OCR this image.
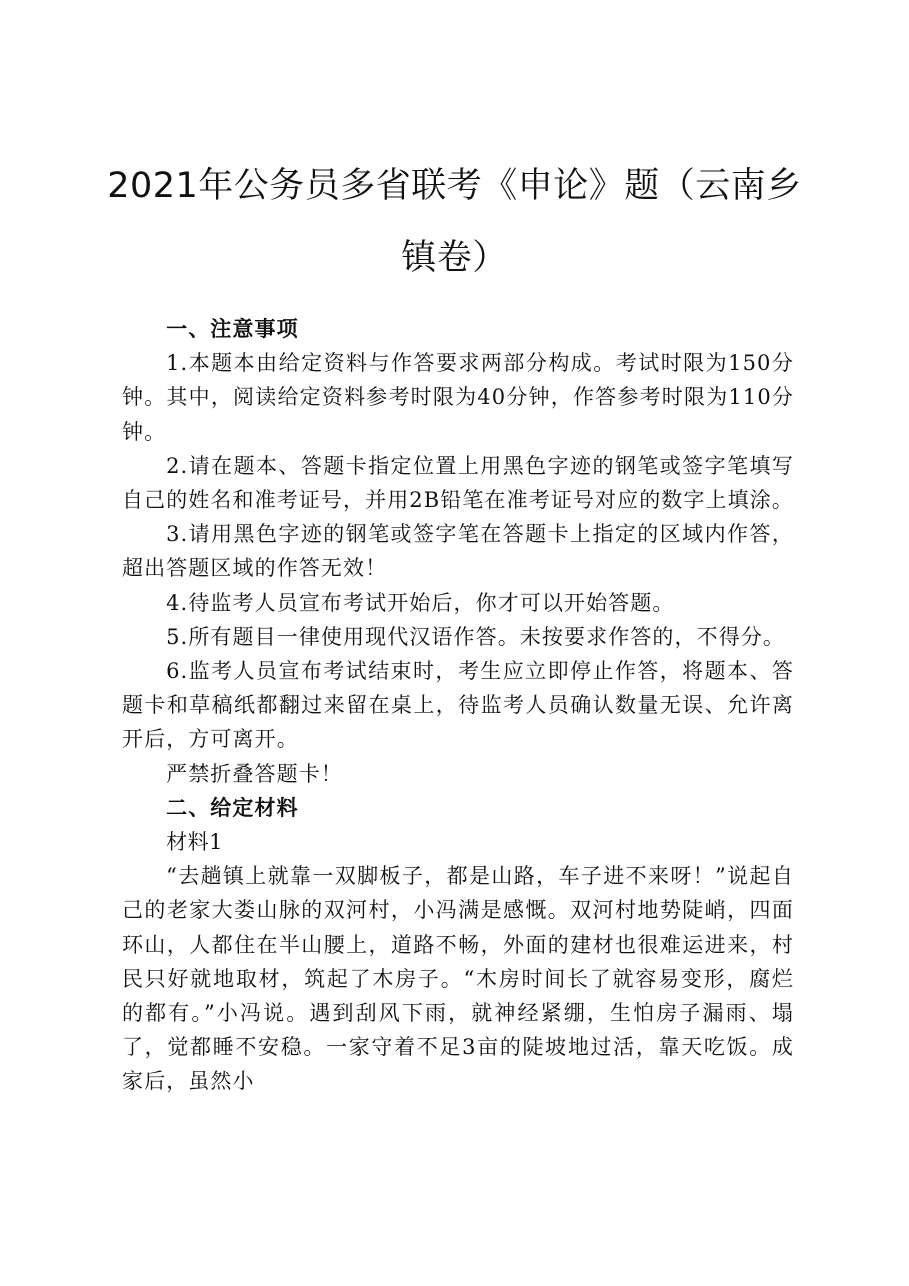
2021年公务员多省联考《申论》题（云南乡镇卷）

一、注意事项

1.本题本由给定资料与作答要求两部分构成。考试时限为150分钟。其中，阅读给定资料参考时限为40分钟，作答参考时限为110分钟。

2.请在题本、答题卡指定位置上用黑色字迹的钢笔或签字笔填写自己的姓名和准考证号，并用2B铅笔在准考证号对应的数字上填涂。

3.请用黑色字迹的钢笔或签字笔在答题卡上指定的区域内作答，超出答题区域的作答无效！

4.待监考人员宣布考试开始后，你才可以开始答题。

5.所有题目一律使用现代汉语作答。未按要求作答的，不得分。

6.监考人员宣布考试结束时，考生应立即停止作答，将题本、答题卡和草稿纸都翻过来留在桌上，待监考人员确认数量无误、允许离开后，方可离开。

严禁折叠答题卡！

二、给定材料

材料1

“去趟镇上就靠一双脚板子，都是山路，车子进不来呀！”说起自己的老家大娄山脉的双河村，小冯满是感慨。双河村地势陡峭，四面环山，人都住在半山腰上，道路不畅，外面的建材也很难运进来，村民只好就地取材，筑起了木房子。“木房时间长了就容易变形，腐烂的都有。”小冯说。遇到刮风下雨，就神经紧绷，生怕房子漏雨、塌了，觉都睡不安稳。一家守着不足3亩的陡坡地过活，靠天吃饭。成家后，虽然小
